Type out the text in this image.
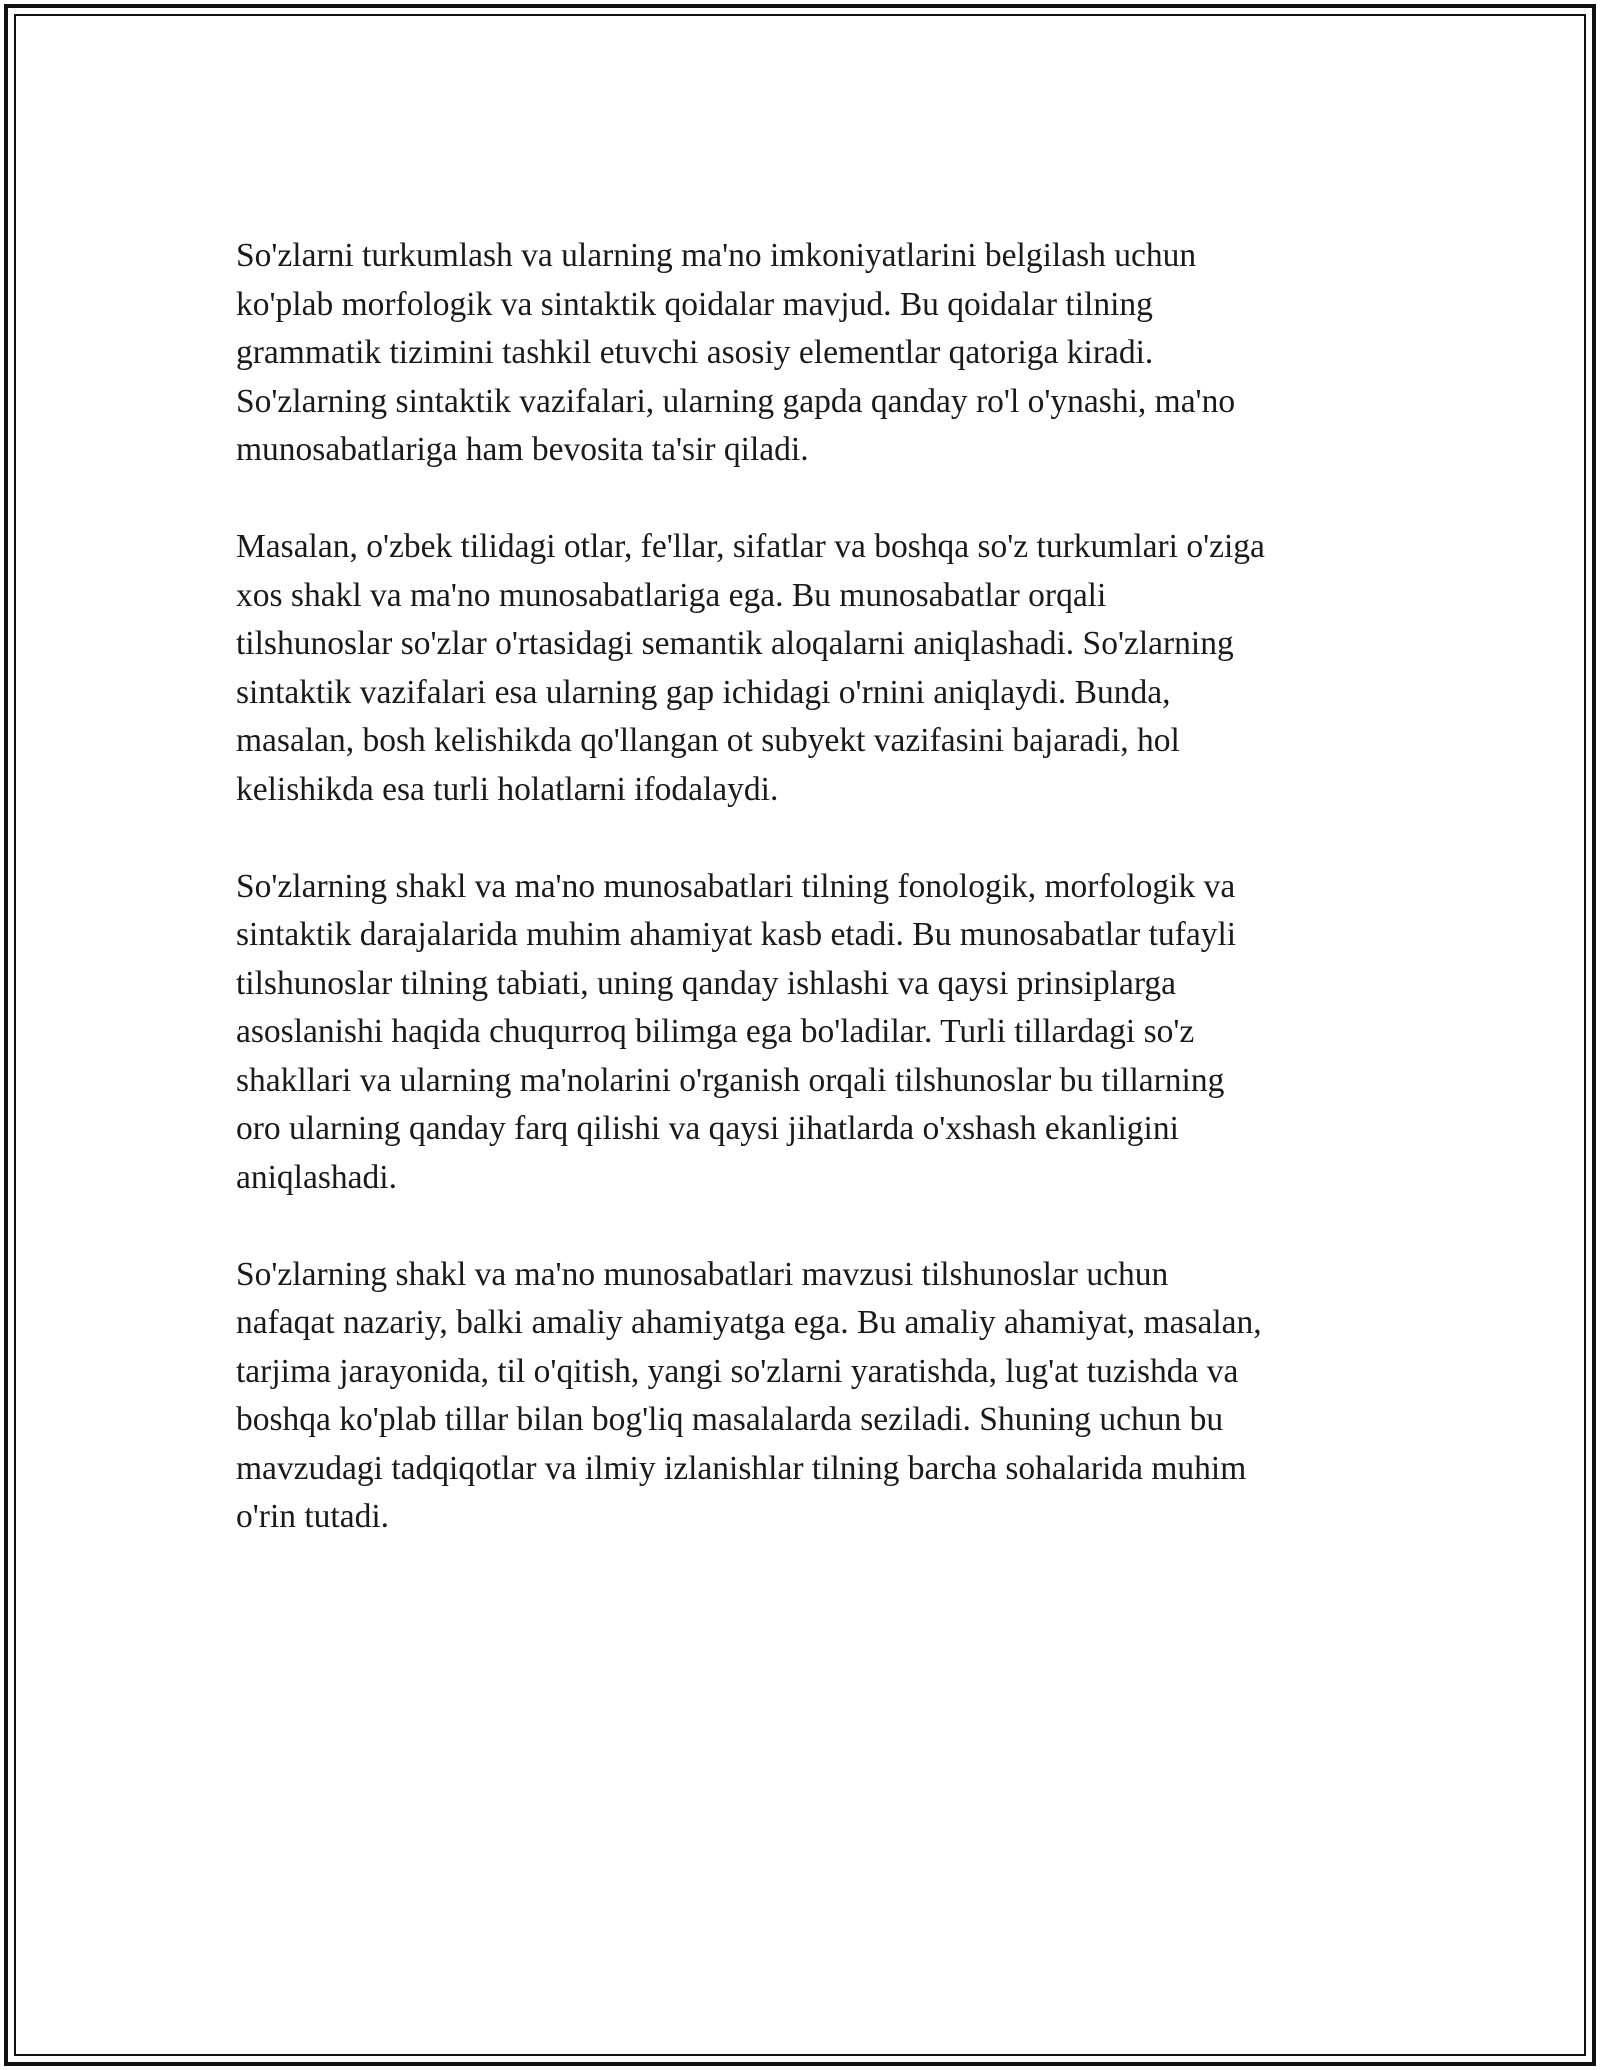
So'zlarni turkumlash va ularning ma'no imkoniyatlarini belgilash uchun
ko'plab morfologik va sintaktik qoidalar mavjud. Bu qoidalar tilning
grammatik tizimini tashkil etuvchi asosiy elementlar qatoriga kiradi.
So'zlarning sintaktik vazifalari, ularning gapda qanday ro'l o'ynashi, ma'no
munosabatlariga ham bevosita ta'sir qiladi.

Masalan, o'zbek tilidagi otlar, fe'llar, sifatlar va boshqa so'z turkumlari o'ziga
xos shakl va ma'no munosabatlariga ega. Bu munosabatlar orqali
tilshunoslar so'zlar o'rtasidagi semantik aloqalarni aniqlashadi. So'zlarning
sintaktik vazifalari esa ularning gap ichidagi o'rnini aniqlaydi. Bunda,
masalan, bosh kelishikda qo'llangan ot subyekt vazifasini bajaradi, hol
kelishikda esa turli holatlarni ifodalaydi.

So'zlarning shakl va ma'no munosabatlari tilning fonologik, morfologik va
sintaktik darajalarida muhim ahamiyat kasb etadi. Bu munosabatlar tufayli
tilshunoslar tilning tabiati, uning qanday ishlashi va qaysi prinsiplarga
asoslanishi haqida chuqurroq bilimga ega bo'ladilar. Turli tillardagi so'z
shakllari va ularning ma'nolarini o'rganish orqali tilshunoslar bu tillarning
oro ularning qanday farq qilishi va qaysi jihatlarda o'xshash ekanligini
aniqlashadi.

So'zlarning shakl va ma'no munosabatlari mavzusi tilshunoslar uchun
nafaqat nazariy, balki amaliy ahamiyatga ega. Bu amaliy ahamiyat, masalan,
tarjima jarayonida, til o'qitish, yangi so'zlarni yaratishda, lug'at tuzishda va
boshqa ko'plab tillar bilan bog'liq masalalarda seziladi. Shuning uchun bu
mavzudagi tadqiqotlar va ilmiy izlanishlar tilning barcha sohalarida muhim
o'rin tutadi.
